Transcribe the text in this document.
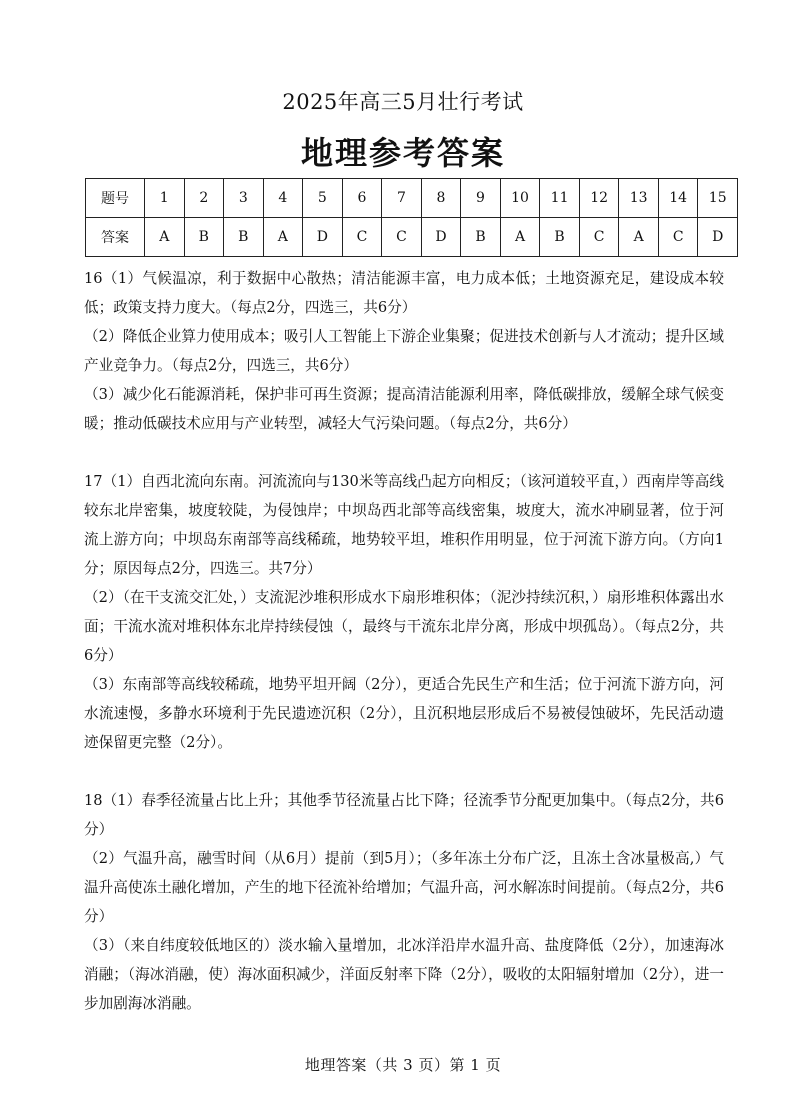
2025年高三5月壮行考试
地理参考答案
题号	1	2	3	4	5	6	7	8	9	10	11	12	13	14	15
答案	A	B	B	A	D	C	C	D	B	A	B	C	A	C	D

16（1）气候温凉，利于数据中心散热；清洁能源丰富，电力成本低；土地资源充足，建设成本较低；政策支持力度大。（每点2分，四选三，共6分）

（2）降低企业算力使用成本；吸引人工智能上下游企业集聚；促进技术创新与人才流动；提升区域产业竞争力。（每点2分，四选三，共6分）

（3）减少化石能源消耗，保护非可再生资源；提高清洁能源利用率，降低碳排放，缓解全球气候变暖；推动低碳技术应用与产业转型，减轻大气污染问题。（每点2分，共6分）

17（1）自西北流向东南。河流流向与130米等高线凸起方向相反；（该河道较平直，）西南岸等高线较东北岸密集，坡度较陡，为侵蚀岸；中坝岛西北部等高线密集，坡度大，流水冲刷显著，位于河流上游方向；中坝岛东南部等高线稀疏，地势较平坦，堆积作用明显，位于河流下游方向。（方向1分；原因每点2分，四选三。共7分）

（2）（在干支流交汇处，）支流泥沙堆积形成水下扇形堆积体；（泥沙持续沉积，）扇形堆积体露出水面；干流水流对堆积体东北岸持续侵蚀（，最终与干流东北岸分离，形成中坝孤岛）。（每点2分，共6分）

（3）东南部等高线较稀疏，地势平坦开阔（2分），更适合先民生产和生活；位于河流下游方向，河水流速慢，多静水环境利于先民遗迹沉积（2分），且沉积地层形成后不易被侵蚀破坏，先民活动遗迹保留更完整（2分）。

18（1）春季径流量占比上升；其他季节径流量占比下降；径流季节分配更加集中。（每点2分，共6分）

（2）气温升高，融雪时间（从6月）提前（到5月）；（多年冻土分布广泛，且冻土含冰量极高,）气温升高使冻土融化增加，产生的地下径流补给增加；气温升高，河水解冻时间提前。（每点2分，共6分）

（3）（来自纬度较低地区的）淡水输入量增加，北冰洋沿岸水温升高、盐度降低（2分），加速海冰消融；（海冰消融，使）海冰面积减少，洋面反射率下降（2分），吸收的太阳辐射增加（2分），进一步加剧海冰消融。

地理答案（共 3 页）第 1 页
